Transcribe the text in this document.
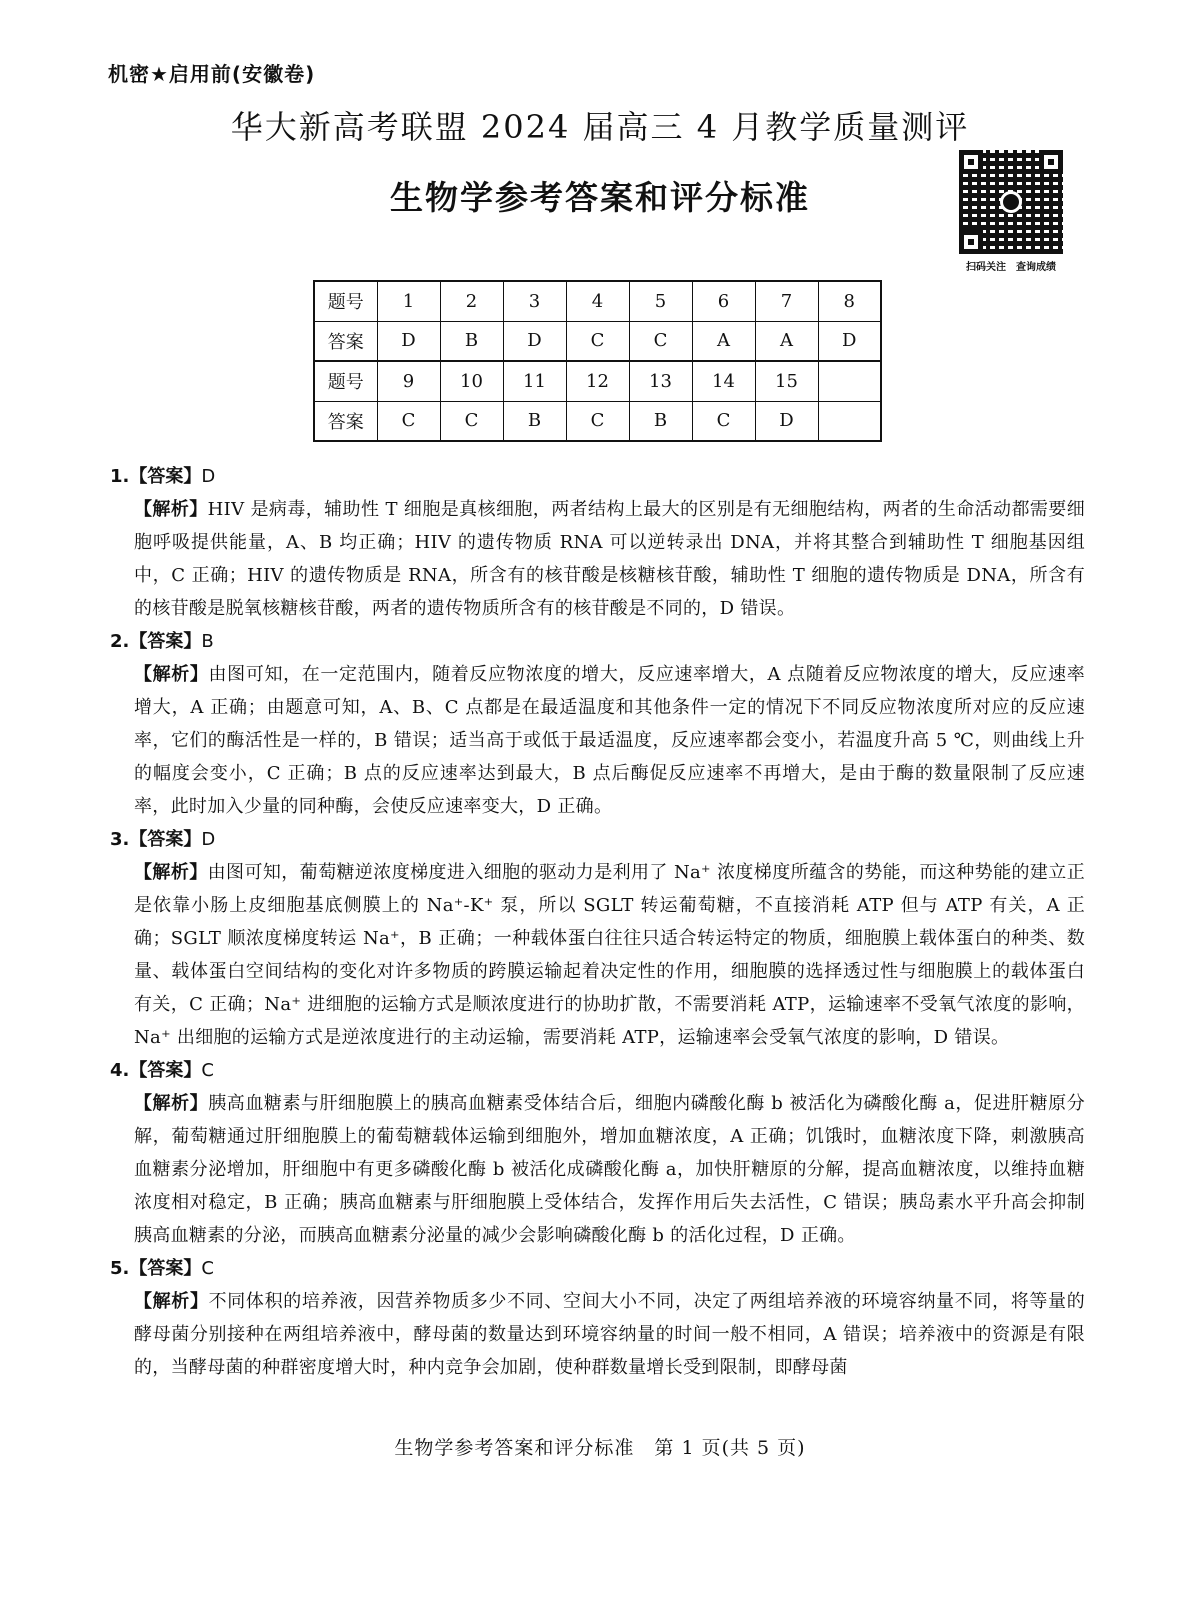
机密★启用前(安徽卷)
华大新高考联盟 2024 届高三 4 月教学质量测评
生物学参考答案和评分标准
扫码关注　查询成绩
题号	1	2	3	4	5	6	7	8
答案	D	B	D	C	C	A	A	D
题号	9	10	11	12	13	14	15	
答案	C	C	B	C	B	C	D	

1.【答案】D

【解析】HIV 是病毒，辅助性 T 细胞是真核细胞，两者结构上最大的区别是有无细胞结构，两者的生命活动都需要细胞呼吸提供能量，A、B 均正确；HIV 的遗传物质 RNA 可以逆转录出 DNA，并将其整合到辅助性 T 细胞基因组中，C 正确；HIV 的遗传物质是 RNA，所含有的核苷酸是核糖核苷酸，辅助性 T 细胞的遗传物质是 DNA，所含有的核苷酸是脱氧核糖核苷酸，两者的遗传物质所含有的核苷酸是不同的，D 错误。

2.【答案】B

【解析】由图可知，在一定范围内，随着反应物浓度的增大，反应速率增大，A 点随着反应物浓度的增大，反应速率增大，A 正确；由题意可知，A、B、C 点都是在最适温度和其他条件一定的情况下不同反应物浓度所对应的反应速率，它们的酶活性是一样的，B 错误；适当高于或低于最适温度，反应速率都会变小，若温度升高 5 ℃，则曲线上升的幅度会变小，C 正确；B 点的反应速率达到最大，B 点后酶促反应速率不再增大，是由于酶的数量限制了反应速率，此时加入少量的同种酶，会使反应速率变大，D 正确。

3.【答案】D

【解析】由图可知，葡萄糖逆浓度梯度进入细胞的驱动力是利用了 Na⁺ 浓度梯度所蕴含的势能，而这种势能的建立正是依靠小肠上皮细胞基底侧膜上的 Na⁺-K⁺ 泵，所以 SGLT 转运葡萄糖，不直接消耗 ATP 但与 ATP 有关，A 正确；SGLT 顺浓度梯度转运 Na⁺，B 正确；一种载体蛋白往往只适合转运特定的物质，细胞膜上载体蛋白的种类、数量、载体蛋白空间结构的变化对许多物质的跨膜运输起着决定性的作用，细胞膜的选择透过性与细胞膜上的载体蛋白有关，C 正确；Na⁺ 进细胞的运输方式是顺浓度进行的协助扩散，不需要消耗 ATP，运输速率不受氧气浓度的影响，Na⁺ 出细胞的运输方式是逆浓度进行的主动运输，需要消耗 ATP，运输速率会受氧气浓度的影响，D 错误。

4.【答案】C

【解析】胰高血糖素与肝细胞膜上的胰高血糖素受体结合后，细胞内磷酸化酶 b 被活化为磷酸化酶 a，促进肝糖原分解，葡萄糖通过肝细胞膜上的葡萄糖载体运输到细胞外，增加血糖浓度，A 正确；饥饿时，血糖浓度下降，刺激胰高血糖素分泌增加，肝细胞中有更多磷酸化酶 b 被活化成磷酸化酶 a，加快肝糖原的分解，提高血糖浓度，以维持血糖浓度相对稳定，B 正确；胰高血糖素与肝细胞膜上受体结合，发挥作用后失去活性，C 错误；胰岛素水平升高会抑制胰高血糖素的分泌，而胰高血糖素分泌量的减少会影响磷酸化酶 b 的活化过程，D 正确。

5.【答案】C

【解析】不同体积的培养液，因营养物质多少不同、空间大小不同，决定了两组培养液的环境容纳量不同，将等量的酵母菌分别接种在两组培养液中，酵母菌的数量达到环境容纳量的时间一般不相同，A 错误；培养液中的资源是有限的，当酵母菌的种群密度增大时，种内竞争会加剧，使种群数量增长受到限制，即酵母菌

生物学参考答案和评分标准　第 1 页(共 5 页)
